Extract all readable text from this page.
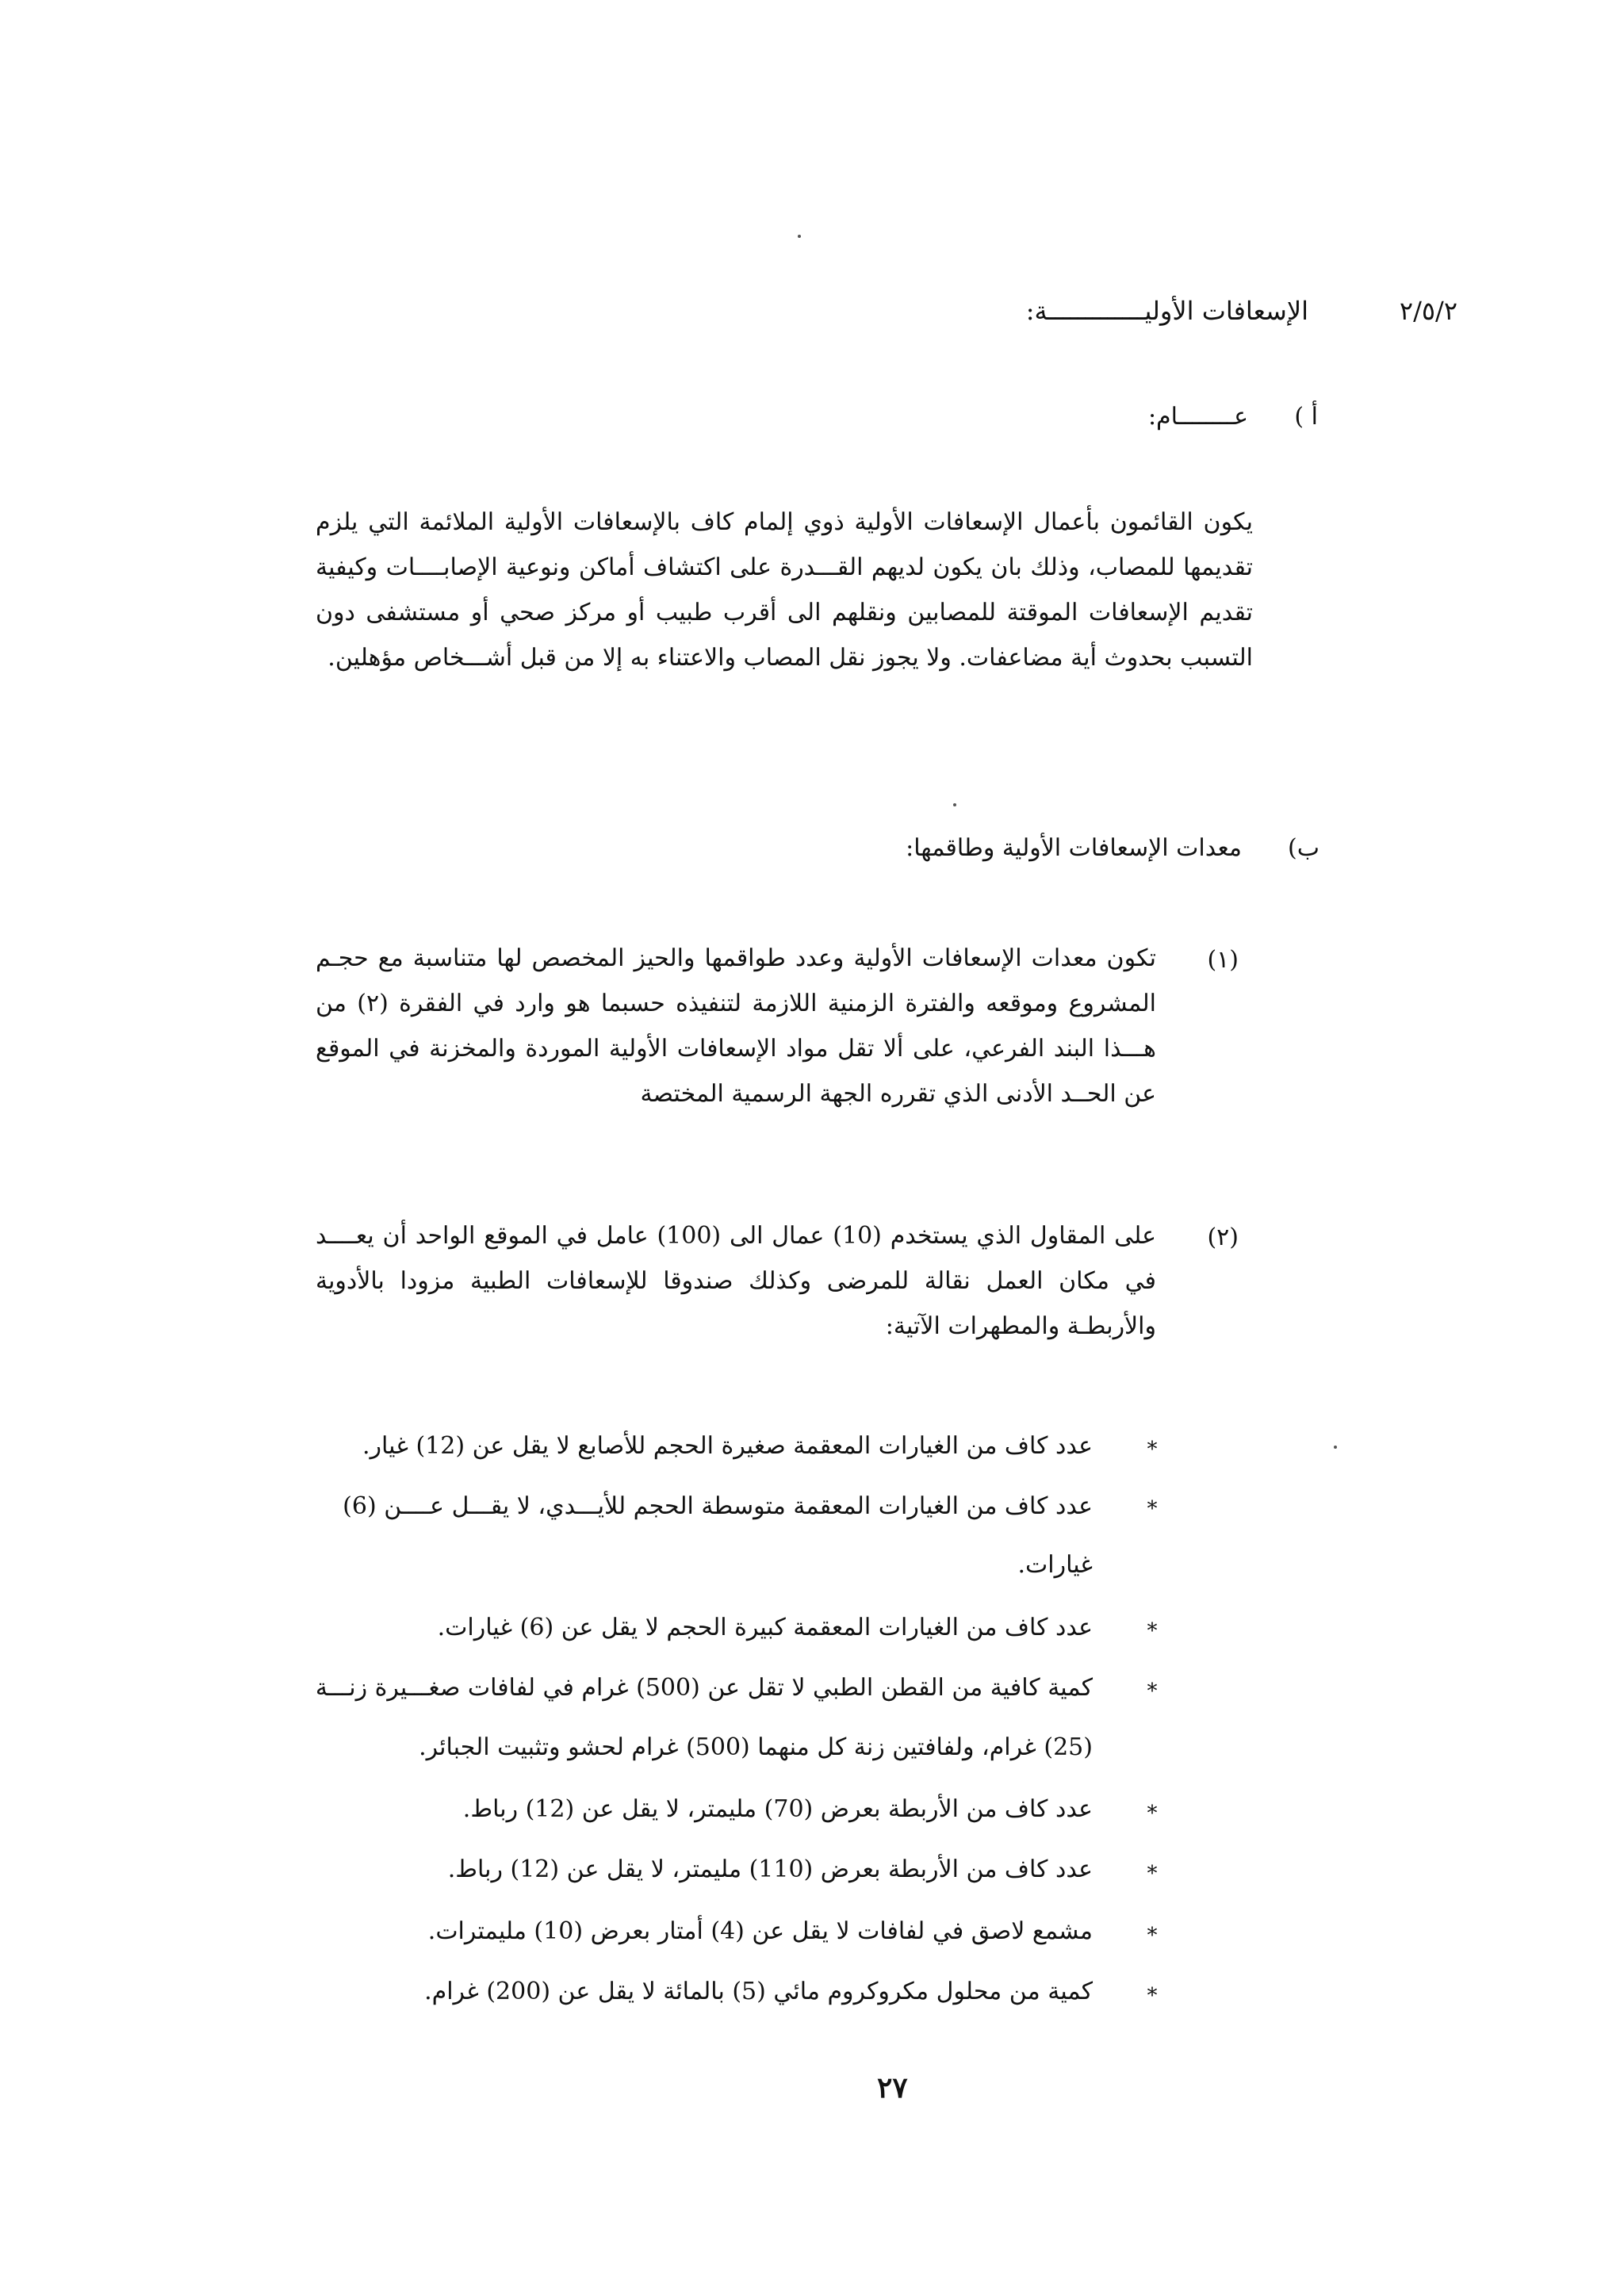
٢/٥/٢
الإسعافات الأوليـــــــــــــة:
أ )
عــــــــام:
يكون القائمون بأعمال الإسعافات الأولية ذوي إلمام كاف بالإسعافات الأولية الملائمة التي يلزم تقديمها للمصاب، وذلك بان يكون لديهم القـــدرة على اكتشاف أماكن ونوعية الإصابــــات وكيفية تقديم الإسعافات الموقتة للمصابين ونقلهم الى أقرب طبيب أو مركز صحي أو مستشفى دون التسبب بحدوث أية مضاعفات. ولا يجوز نقل المصاب والاعتناء به إلا من قبل أشـــخاص مؤهلين.
ب)
معدات الإسعافات الأولية وطاقمها:
(١)
تكون معدات الإسعافات الأولية وعدد طواقمها والحيز المخصص لها متناسبة مع حجـم المشروع وموقعه والفترة الزمنية اللازمة لتنفيذه حسبما هو وارد في الفقرة (٢) من هـــذا البند الفرعي، على ألا تقل مواد الإسعافات الأولية الموردة والمخزنة في الموقع عن الحــد الأدنى الذي تقرره الجهة الرسمية المختصة
(٢)
على المقاول الذي يستخدم (10) عمال الى (100) عامل في الموقع الواحد أن يعــــد في مكان العمل نقالة للمرضى وكذلك صندوقا للإسعافات الطبية مزودا بالأدوية والأربطـة والمطهرات الآتية:
*
عدد كاف من الغيارات المعقمة صغيرة الحجم للأصابع لا يقل عن (12) غيار.
*
عدد كاف من الغيارات المعقمة متوسطة الحجم للأيـــدي، لا يقـــل عــــن (6)
غيارات.
*
عدد كاف من الغيارات المعقمة كبيرة الحجم لا يقل عن (6) غيارات.
*
كمية كافية من القطن الطبي لا تقل عن (500) غرام في لفافات صغـــيرة زنـــة
(25) غرام، ولفافتين زنة كل منهما (500) غرام لحشو وتثبيت الجبائر.
*
عدد كاف من الأربطة بعرض (70) مليمتر، لا يقل عن (12) رباط.
*
عدد كاف من الأربطة بعرض (110) مليمتر، لا يقل عن (12) رباط.
*
مشمع لاصق في لفافات لا يقل عن (4) أمتار بعرض (10) مليمترات.
*
كمية من محلول مكروكروم مائي (5) بالمائة لا يقل عن (200) غرام.
٢٧
